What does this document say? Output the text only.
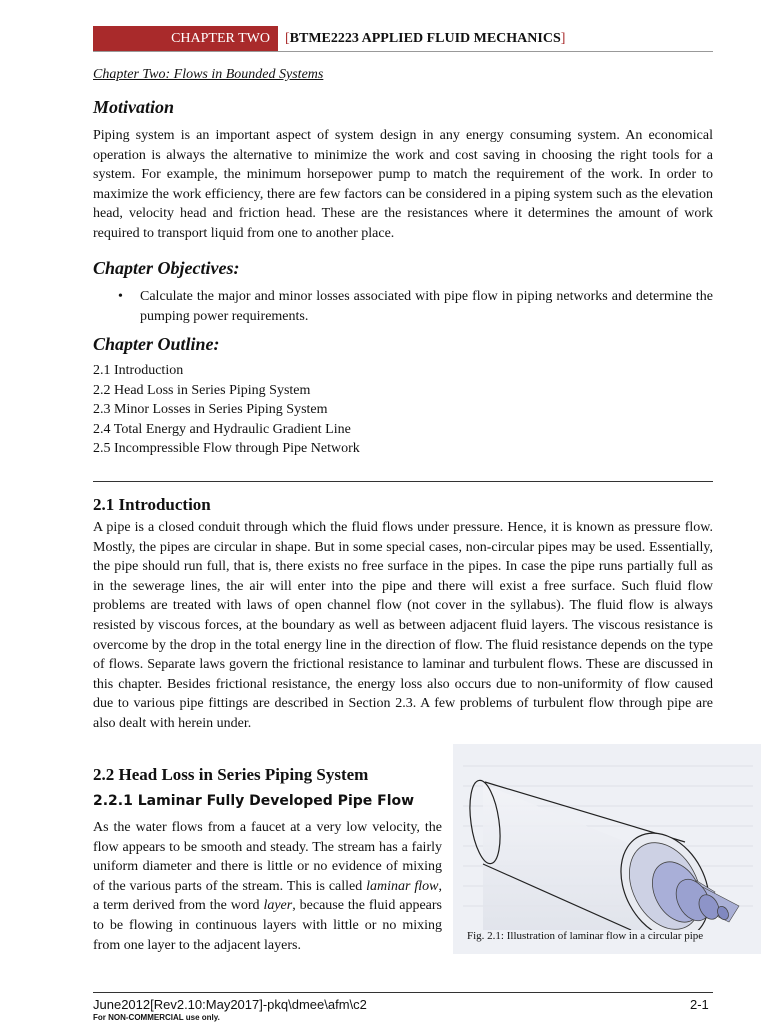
CHAPTER TWO	[BTME2223 APPLIED FLUID MECHANICS]
Chapter Two: Flows in Bounded Systems
Motivation
Piping system is an important aspect of system design in any energy consuming system. An economical operation is always the alternative to minimize the work and cost saving in choosing the right tools for a system. For example, the minimum horsepower pump to match the requirement of the work. In order to maximize the work efficiency, there are few factors can be considered in a piping system such as the elevation head, velocity head and friction head. These are the resistances where it determines the amount of work required to transport liquid from one to another place.
Chapter Objectives:
• Calculate the major and minor losses associated with pipe flow in piping networks and determine the pumping power requirements.
Chapter Outline:
2.1 Introduction
2.2 Head Loss in Series Piping System
2.3 Minor Losses in Series Piping System
2.4 Total Energy and Hydraulic Gradient Line
2.5 Incompressible Flow through Pipe Network
2.1 Introduction
A pipe is a closed conduit through which the fluid flows under pressure. Hence, it is known as pressure flow. Mostly, the pipes are circular in shape. But in some special cases, non-circular pipes may be used. Essentially, the pipe should run full, that is, there exists no free surface in the pipes. In case the pipe runs partially full as in the sewerage lines, the air will enter into the pipe and there will exist a free surface. Such fluid flow problems are treated with laws of open channel flow (not cover in the syllabus). The fluid flow is always resisted by viscous forces, at the boundary as well as between adjacent fluid layers. The viscous resistance is overcome by the drop in the total energy line in the direction of flow. The fluid resistance depends on the type of flows. Separate laws govern the frictional resistance to laminar and turbulent flows. These are discussed in this chapter. Besides frictional resistance, the energy loss also occurs due to non-uniformity of flow caused due to various pipe fittings are described in Section 2.3. A few problems of turbulent flow through pipe are also dealt with herein under.
2.2 Head Loss in Series Piping System
2.2.1 Laminar Fully Developed Pipe Flow
As the water flows from a faucet at a very low velocity, the flow appears to be smooth and steady. The stream has a fairly uniform diameter and there is little or no evidence of mixing of the various parts of the stream. This is called laminar flow, a term derived from the word layer, because the fluid appears to be flowing in continuous layers with little or no mixing from one layer to the adjacent layers.
Fig. 2.1: Illustration of laminar flow in a circular pipe
June2012[Rev2.10:May2017]-pkq\dmee\afm\c2	2-1
For NON-COMMERCIAL use only.
